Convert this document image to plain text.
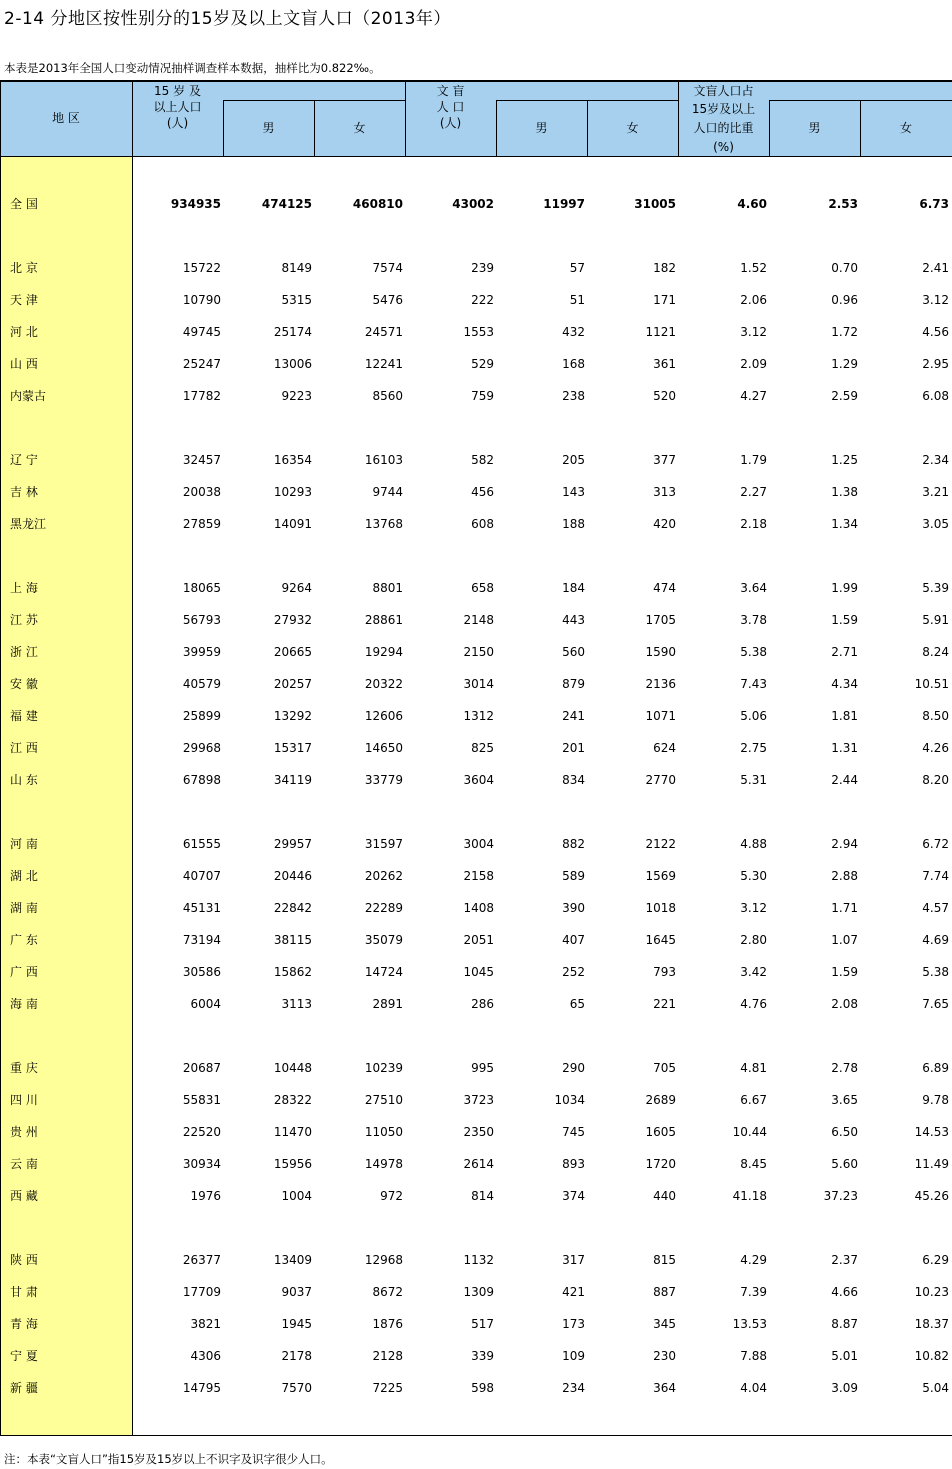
2-14 分地区按性别分的15岁及以上文盲人口（2013年）
本表是2013年全国人口变动情况抽样调查样本数据，抽样比为0.822‰。
地 区
15 岁 及
以上人口
(人)	男	女
文 盲
人 口
(人)	男	女
文盲人口占
15岁及以上
人口的比重
(%)
男	女
全 国	934935	474125	460810	43002	11997	31005	4.60	2.53	6.73
北 京	15722	8149	7574	239	57	182	1.52	0.70	2.41
天 津	10790	5315	5476	222	51	171	2.06	0.96	3.12
河 北	49745	25174	24571	1553	432	1121	3.12	1.72	4.56
山 西	25247	13006	12241	529	168	361	2.09	1.29	2.95
内蒙古	17782	9223	8560	759	238	520	4.27	2.59	6.08
辽 宁	32457	16354	16103	582	205	377	1.79	1.25	2.34
吉 林	20038	10293	9744	456	143	313	2.27	1.38	3.21
黑龙江	27859	14091	13768	608	188	420	2.18	1.34	3.05
上 海	18065	9264	8801	658	184	474	3.64	1.99	5.39
江 苏	56793	27932	28861	2148	443	1705	3.78	1.59	5.91
浙 江	39959	20665	19294	2150	560	1590	5.38	2.71	8.24
安 徽	40579	20257	20322	3014	879	2136	7.43	4.34	10.51
福 建	25899	13292	12606	1312	241	1071	5.06	1.81	8.50
江 西	29968	15317	14650	825	201	624	2.75	1.31	4.26
山 东	67898	34119	33779	3604	834	2770	5.31	2.44	8.20
河 南	61555	29957	31597	3004	882	2122	4.88	2.94	6.72
湖 北	40707	20446	20262	2158	589	1569	5.30	2.88	7.74
湖 南	45131	22842	22289	1408	390	1018	3.12	1.71	4.57
广 东	73194	38115	35079	2051	407	1645	2.80	1.07	4.69
广 西	30586	15862	14724	1045	252	793	3.42	1.59	5.38
海 南	6004	3113	2891	286	65	221	4.76	2.08	7.65
重 庆	20687	10448	10239	995	290	705	4.81	2.78	6.89
四 川	55831	28322	27510	3723	1034	2689	6.67	3.65	9.78
贵 州	22520	11470	11050	2350	745	1605	10.44	6.50	14.53
云 南	30934	15956	14978	2614	893	1720	8.45	5.60	11.49
西 藏	1976	1004	972	814	374	440	41.18	37.23	45.26
陕 西	26377	13409	12968	1132	317	815	4.29	2.37	6.29
甘 肃	17709	9037	8672	1309	421	887	7.39	4.66	10.23
青 海	3821	1945	1876	517	173	345	13.53	8.87	18.37
宁 夏	4306	2178	2128	339	109	230	7.88	5.01	10.82
新 疆	14795	7570	7225	598	234	364	4.04	3.09	5.04
注：本表“文盲人口”指15岁及15岁以上不识字及识字很少人口。
